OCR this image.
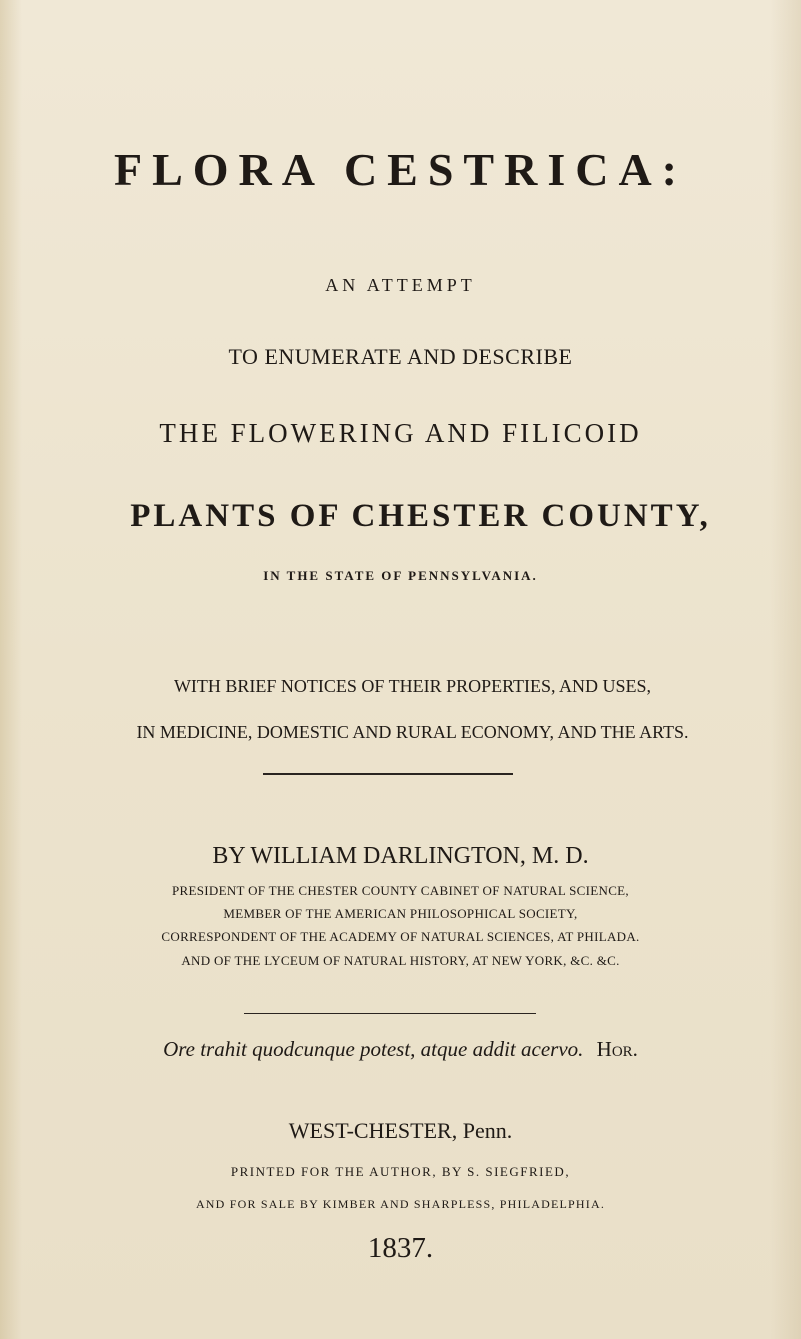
FLORA CESTRICA:
AN ATTEMPT
TO ENUMERATE AND DESCRIBE
THE FLOWERING AND FILICOID
PLANTS OF CHESTER COUNTY,
IN THE STATE OF PENNSYLVANIA.
WITH BRIEF NOTICES OF THEIR PROPERTIES, AND USES,
IN MEDICINE, DOMESTIC AND RURAL ECONOMY, AND THE ARTS.
BY WILLIAM DARLINGTON, M. D.
PRESIDENT OF THE CHESTER COUNTY CABINET OF NATURAL SCIENCE,
MEMBER OF THE AMERICAN PHILOSOPHICAL SOCIETY,
CORRESPONDENT OF THE ACADEMY OF NATURAL SCIENCES, AT PHILADA.
AND OF THE LYCEUM OF NATURAL HISTORY, AT NEW YORK, &C. &C.
Ore trahit quodcunque potest, atque addit acervo. Hor.
WEST-CHESTER, Penn.
PRINTED FOR THE AUTHOR, BY S. SIEGFRIED,
AND FOR SALE BY KIMBER AND SHARPLESS, PHILADELPHIA.
1837.
